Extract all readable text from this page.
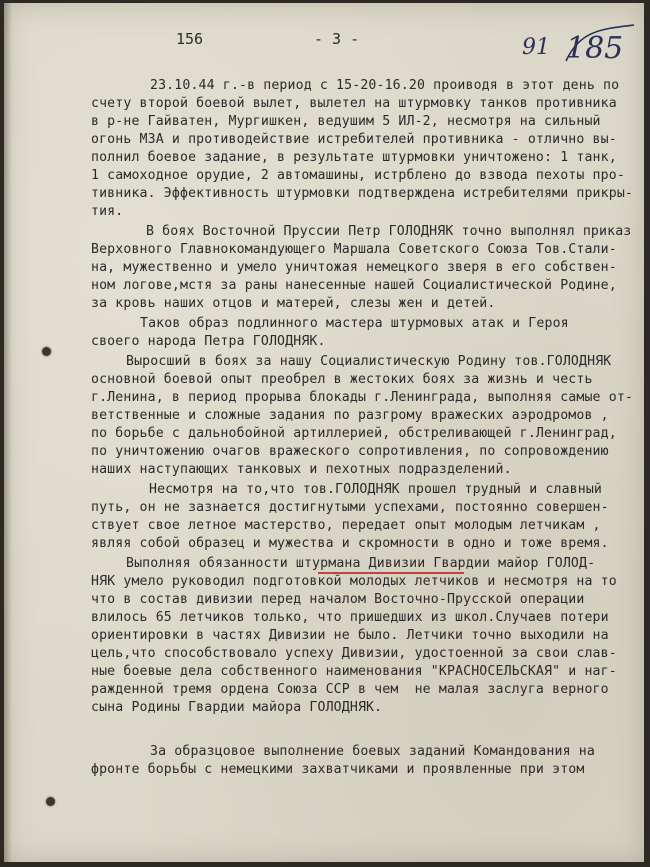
156	- 3 -	91 185
23.10.44 г.-в период с 15-20-16.20 проиводя в этот день по
счету второй боевой вылет, вылетел на штурмовку танков противника
в р-не Гайватен, Мургишкен, ведушим 5 ИЛ-2, несмотря на сильный
огонь МЗА и противодействие истребителей противника - отлично вы-
полнил боевое задание, в результате штурмовки уничтожено: 1 танк,
1 самоходное орудие, 2 автомашины, истрблено до взвода пехоты про-
тивника. Эффективность штурмовки подтверждена истребителями прикры-
тия.
В боях Восточной Пруссии Петр ГОЛОДНЯК точно выполнял приказ
Верховного Главнокомандующего Маршала Советского Союза Тов.Стали-
на, мужественно и умело уничтожая немецкого зверя в его собствен-
ном логове,мстя за раны нанесенные нашей Социалистической Родине,
за кровь наших отцов и матерей, слезы жен и детей.
Таков образ подлинного мастера штурмовых атак и Героя
своего народа Петра ГОЛОДНЯК.
Выросший в боях за нашу Социалистическую Родину тов.ГОЛОДНЯК
основной боевой опыт преобрел в жестоких боях за жизнь и честь
г.Ленина, в период прорыва блокады г.Ленинграда, выполняя самые от-
ветственные и сложные задания по разгрому вражеских аэродромов ,
по борьбе с дальнобойной артиллерией, обстреливающей г.Ленинград,
по уничтожению очагов вражеского сопротивления, по сопровождению
наших наступающих танковых и пехотных подразделений.
Несмотря на то,что тов.ГОЛОДНЯК прошел трудный и славный
путь, он не зазнается достигнутыми успехами, постоянно совершен-
ствует свое летное мастерство, передает опыт молодым летчикам ,
являя собой образец и мужества и скромности в одно и тоже время.
Выполняя обязанности штурмана Дивизии Гвардии майор ГОЛОД-
НЯК умело руководил подготовкой молодых летчиков и несмотря на то
что в состав дивизии перед началом Восточно-Прусской операции
влилось 65 летчиков только, что пришедших из школ.Случаев потери
ориентировки в частях Дивизии не было. Летчики точно выходили на
цель,что способствовало успеху Дивизии, удостоенной за свои слав-
ные боевые дела собственного наименования "КРАСНОСЕЛЬСКАЯ" и наг-
ражденной тремя ордена Союза ССР в чем  не малая заслуга верного
сына Родины Гвардии майора ГОЛОДНЯК.
За образцовое выполнение боевых заданий Командования на
фронте борьбы с немецкими захватчиками и проявленные при этом
